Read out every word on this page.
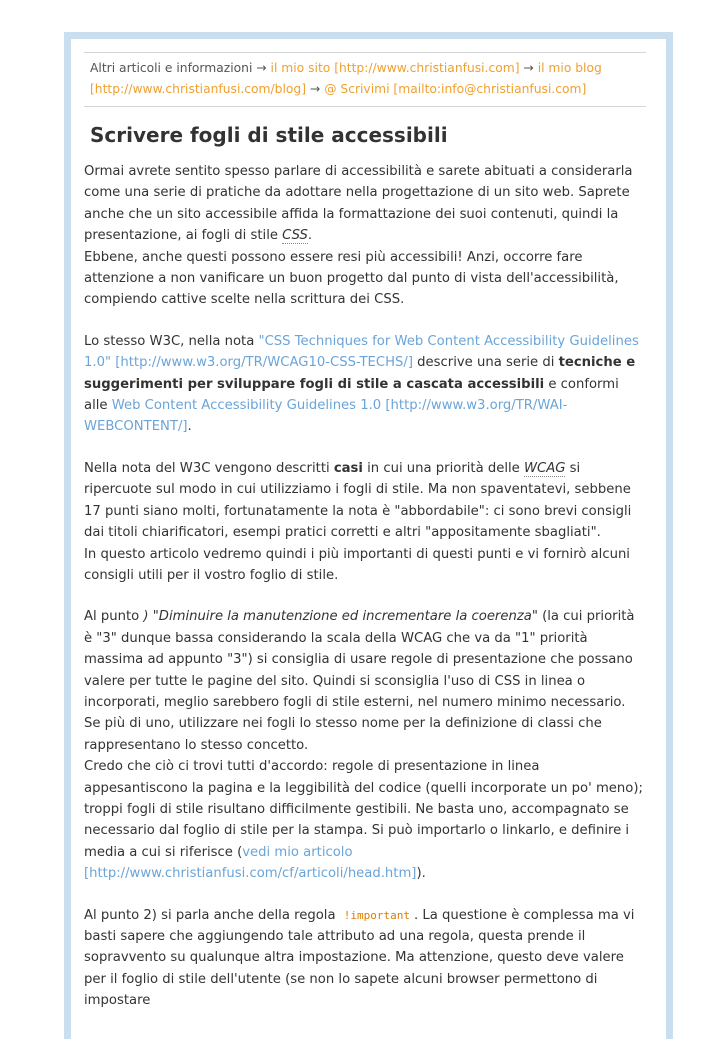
Altri articoli e informazioni → il mio sito [http://www.christianfusi.com] → il mio blog [http://www.christianfusi.com/blog] → @ Scrivimi [mailto:info@christianfusi.com]
Scrivere fogli di stile accessibili

Ormai avrete sentito spesso parlare di accessibilità e sarete abituati a considerarla come una serie di pratiche da adottare nella progettazione di un sito web. Saprete anche che un sito accessibile affida la formattazione dei suoi contenuti, quindi la presentazione, ai fogli di stile CSS.
Ebbene, anche questi possono essere resi più accessibili! Anzi, occorre fare attenzione a non vanificare un buon progetto dal punto di vista dell'accessibilità, compiendo cattive scelte nella scrittura dei CSS.

Lo stesso W3C, nella nota "CSS Techniques for Web Content Accessibility Guidelines 1.0" [http://www.w3.org/TR/WCAG10-CSS-TECHS/] descrive una serie di tecniche e suggerimenti per sviluppare fogli di stile a cascata accessibili e conformi alle Web Content Accessibility Guidelines 1.0 [http://www.w3.org/TR/WAI-WEBCONTENT/].

Nella nota del W3C vengono descritti casi in cui una priorità delle WCAG si ripercuote sul modo in cui utilizziamo i fogli di stile. Ma non spaventatevi, sebbene 17 punti siano molti, fortunatamente la nota è "abbordabile": ci sono brevi consigli dai titoli chiarificatori, esempi pratici corretti e altri "appositamente sbagliati".
In questo articolo vedremo quindi i più importanti di questi punti e vi fornirò alcuni consigli utili per il vostro foglio di stile.

Al punto ) "Diminuire la manutenzione ed incrementare la coerenza" (la cui priorità è "3" dunque bassa considerando la scala della WCAG che va da "1" priorità massima ad appunto "3") si consiglia di usare regole di presentazione che possano valere per tutte le pagine del sito. Quindi si sconsiglia l'uso di CSS in linea o incorporati, meglio sarebbero fogli di stile esterni, nel numero minimo necessario. Se più di uno, utilizzare nei fogli lo stesso nome per la definizione di classi che rappresentano lo stesso concetto.
Credo che ciò ci trovi tutti d'accordo: regole di presentazione in linea appesantiscono la pagina e la leggibilità del codice (quelli incorporate un po' meno); troppi fogli di stile risultano difficilmente gestibili. Ne basta uno, accompagnato se necessario dal foglio di stile per la stampa. Si può importarlo o linkarlo, e definire i media a cui si riferisce (vedi mio articolo [http://www.christianfusi.com/cf/articoli/head.htm]).

Al punto 2) si parla anche della regola !important . La questione è complessa ma vi basti sapere che aggiungendo tale attributo ad una regola, questa prende il sopravvento su qualunque altra impostazione. Ma attenzione, questo deve valere per il foglio di stile dell'utente (se non lo sapete alcuni browser permettono di impostare
